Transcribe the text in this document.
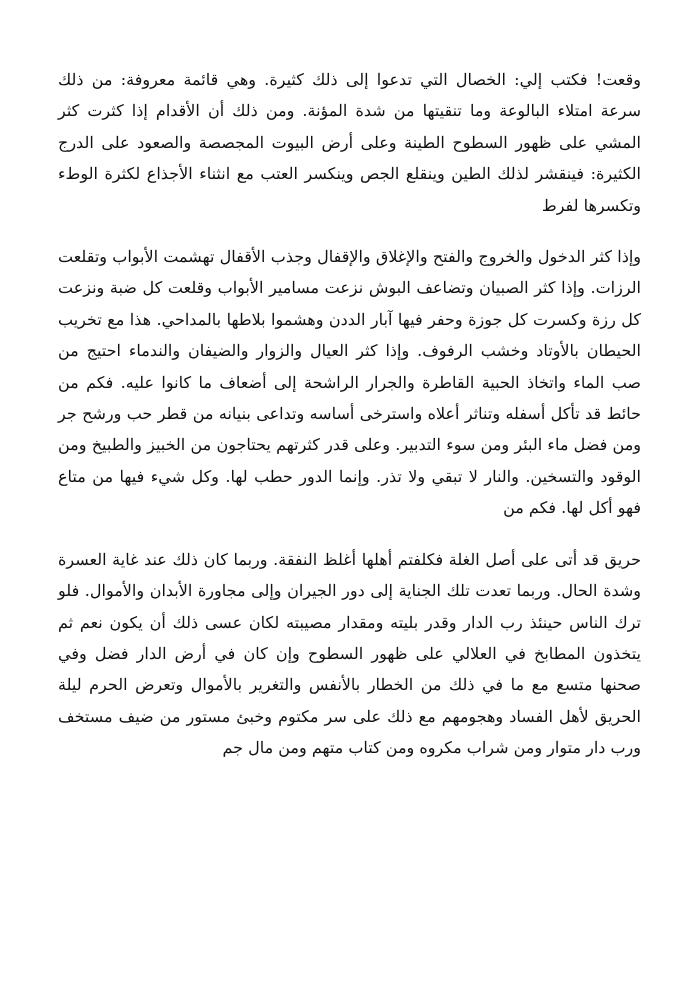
وقعت! فكتب إلي: الخصال التي تدعوا إلى ذلك كثيرة. وهي قائمة معروفة: من ذلك سرعة امتلاء البالوعة وما تنقيتها من شدة المؤنة. ومن ذلك أن الأقدام إذا كثرت كثر المشي على ظهور السطوح الطينة وعلى أرض البيوت المجصصة والصعود على الدرج الكثيرة: فينقشر لذلك الطين وينقلع الجص وينكسر العتب مع انثناء الأجذاع لكثرة الوطء وتكسرها لفرط

وإذا كثر الدخول والخروج والفتح والإغلاق والإقفال وجذب الأقفال تهشمت الأبواب وتقلعت الرزات. وإذا كثر الصبيان وتضاعف البوش نزعت مسامير الأبواب وقلعت كل ضبة ونزعت كل رزة وكسرت كل جوزة وحفر فيها آبار الددن وهشموا بلاطها بالمداحي. هذا مع تخريب الحيطان بالأوتاد وخشب الرفوف. وإذا كثر العيال والزوار والضيفان والندماء احتيج من صب الماء واتخاذ الحبية القاطرة والجرار الراشحة إلى أضعاف ما كانوا عليه. فكم من حائط قد تأكل أسفله وتناثر أعلاه واسترخى أساسه وتداعى بنيانه من قطر حب ورشح جر ومن فضل ماء البئر ومن سوء التدبير. وعلى قدر كثرتهم يحتاجون من الخبيز والطبيخ ومن الوقود والتسخين. والنار لا تبقي ولا تذر. وإنما الدور حطب لها. وكل شيء فيها من متاع فهو أكل لها. فكم من

حريق قد أتى على أصل الغلة فكلفتم أهلها أغلظ النفقة. وربما كان ذلك عند غاية العسرة وشدة الحال. وربما تعدت تلك الجناية إلى دور الجيران وإلى مجاورة الأبدان والأموال. فلو ترك الناس حينئذ رب الدار وقدر بليته ومقدار مصيبته لكان عسى ذلك أن يكون نعم ثم يتخذون المطابخ في العلالي على ظهور السطوح وإن كان في أرض الدار فضل وفي صحنها متسع مع ما في ذلك من الخطار بالأنفس والتغرير بالأموال وتعرض الحرم ليلة الحريق لأهل الفساد وهجومهم مع ذلك على سر مكتوم وخبئ مستور من ضيف مستخف ورب دار متوار ومن شراب مكروه ومن كتاب متهم ومن مال جم
